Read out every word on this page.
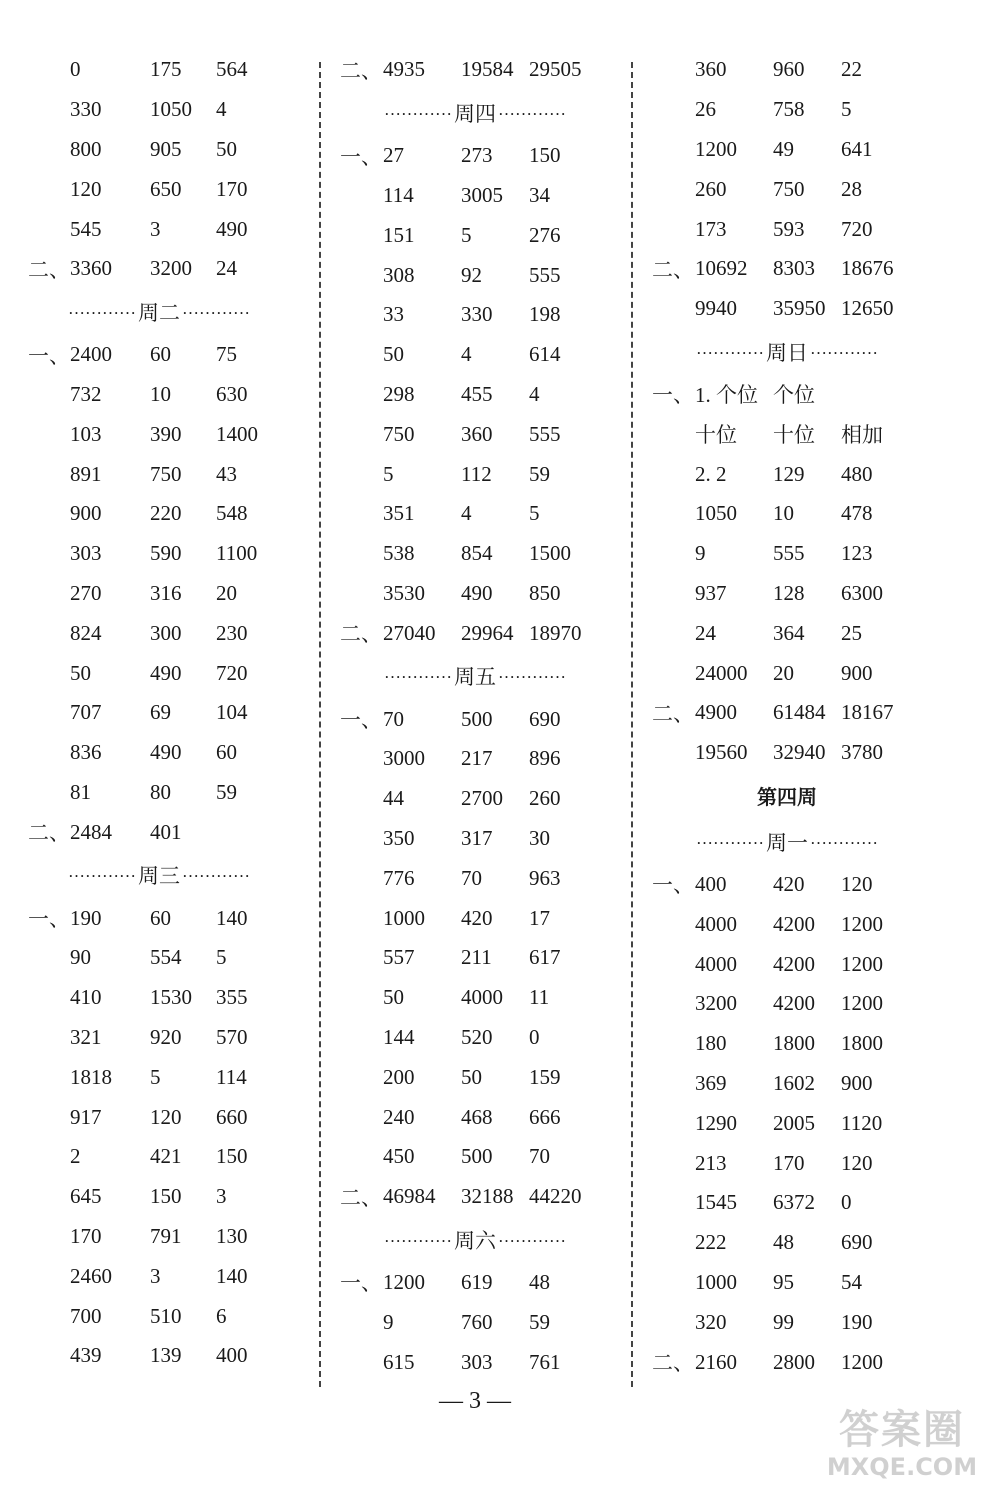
0	175	564
330	1050	4
800	905	50
120	650	170
545	3	490
二、 3360	3200	24
………… 周二 …………
一、 2400	60	75
732	10	630
103	390	1400
891	750	43
900	220	548
303	590	1100
270	316	20
824	300	230
50	490	720
707	69	104
836	490	60
81	80	59
二、 2484	401
………… 周三 …………
一、 190	60	140
90	554	5
410	1530	355
321	920	570
1818	5	114
917	120	660
2	421	150
645	150	3
170	791	130
2460	3	140
700	510	6
439	139	400
二、 4935	19584 29505
………… 周四 …………
一、 27	273	150
114	3005	34
151	5	276
308	92	555
33	330	198
50	4	614
298	455	4
750	360	555
5	112	59
351	4	5
538	854	1500
3530	490	850
二、 27040	29964 18970
………… 周五 …………
一、 70	500	690
3000	217	896
44	2700	260
350	317	30
776	70	963
1000	420	17
557	211	617
50	4000	11
144	520	0
200	50	159
240	468	666
450	500	70
二、 46984	32188 44220
………… 周六 …………
一、 1200	619	48
9	760	59
615	303	761
360	960	22
26	758	5
1200	49	641
260	750	28
173	593	720
二、 10692	8303	18676
9940	35950 12650
………… 周日 …………
一、 1. 个位 个位
十位	十位	相加
2. 2	129	480
1050	10	478
9	555	123
937	128	6300
24	364	25
24000	20	900
二、 4900	61484 18167
19560	32940 3780
第四周
………… 周一 …………
一、 400	420	120
4000	4200	1200
4000	4200	1200
3200	4200	1200
180	1800	1800
369	1602	900
1290	2005	1120
213	170	120
1545	6372	0
222	48	690
1000	95	54
320	99	190
二、 2160	2800	1200
— 3 —
答案圈
MXQE.COM
